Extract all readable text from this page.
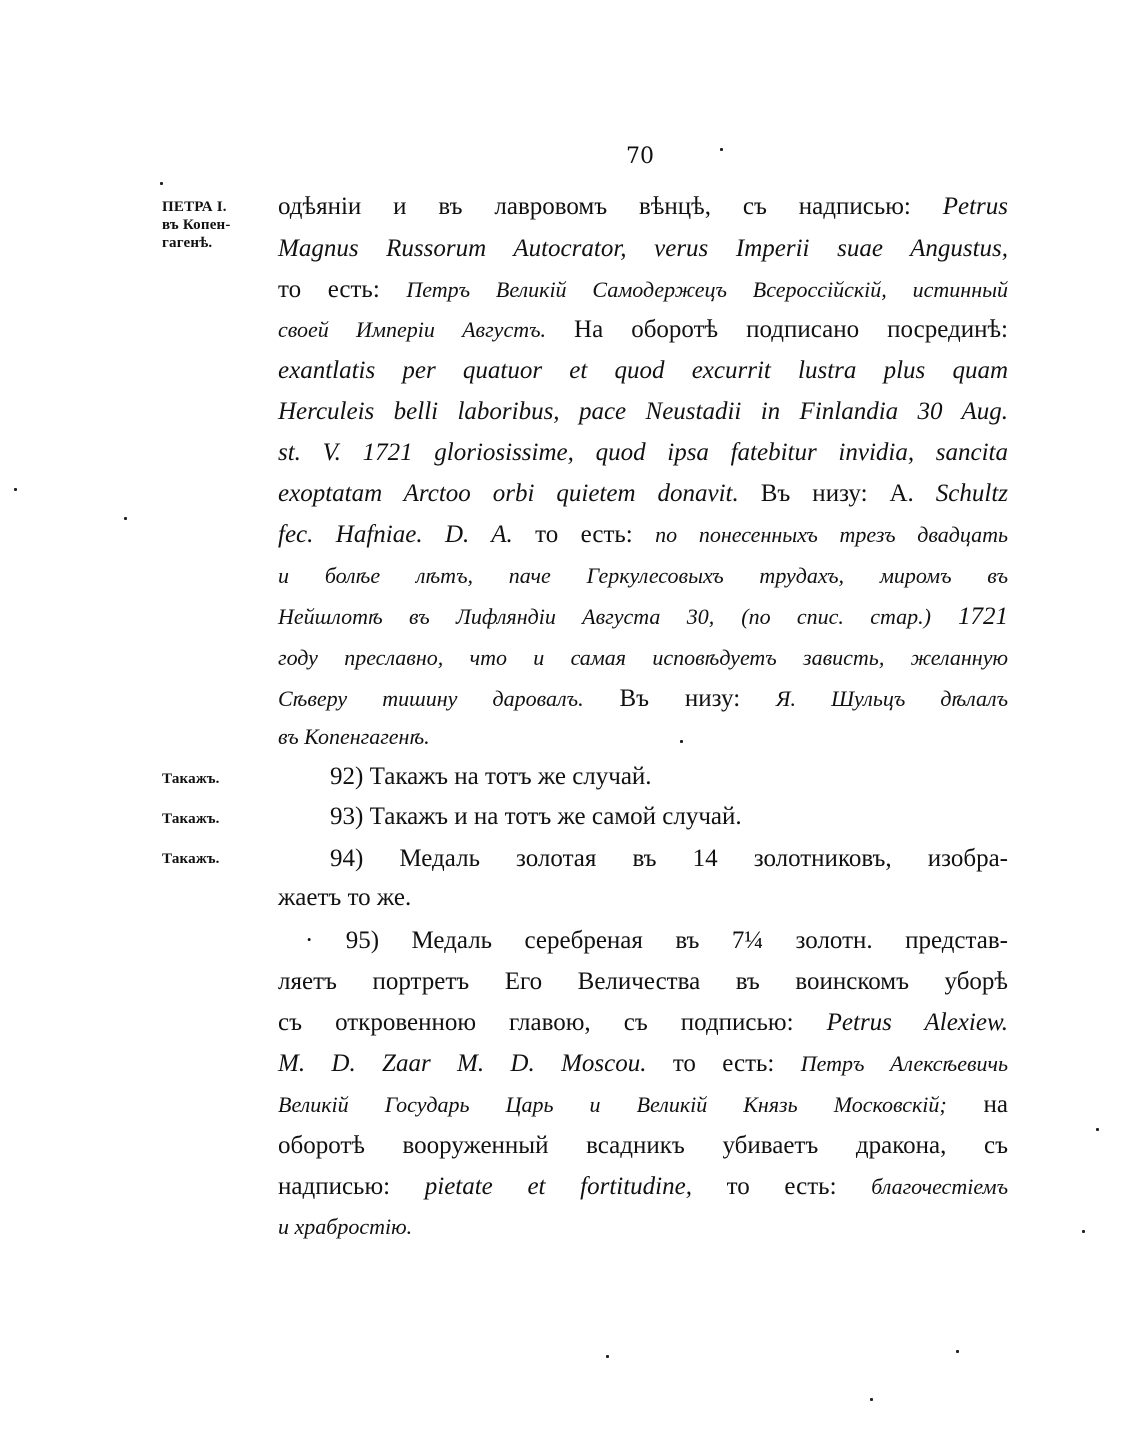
70
ПЕТРА I.
въ Копен-
гагенѣ.
Такажъ.
Такажъ.
Такажъ.
одѣяніи и въ лавровомъ вѣнцѣ, съ надписью: Petrus
Magnus Russorum Autocrator, verus Imperii suae Angustus,
то есть: Петръ Великій Самодержецъ Всероссійскій, истинный
своей Имперіи Августъ. На оборотѣ подписано посрединѣ:
exantlatis per quatuor et quod excurrit lustra plus quam
Herculeis belli laboribus, pace Neustadii in Finlandia 30 Aug.
st. V. 1721 gloriosissime, quod ipsa fatebitur invidia, sancita
exoptatam Arctoo orbi quietem donavit. Въ низу: A. Schultz
fec. Hafniae. D. A. то есть: по понесенныхъ трезъ двадцать
и болѣе лѣтъ, паче Геркулесовыхъ трудахъ, миромъ въ
Нейшлотѣ въ Лифляндіи Августа 30, (по спис. стар.) 1721
году преславно, что и самая исповѣдуетъ зависть, желанную
Сѣверу тишину даровалъ. Въ низу: Я. Шульцъ дѣлалъ
въ Копенгагенѣ.
92) Такажъ на тотъ же случай.
93) Такажъ и на тотъ же самой случай.
94) Медаль золотая въ 14 золотниковъ, изобра-
жаетъ то же.
· 95) Медаль серебреная въ 7¼ золотн. представ-
ляетъ портретъ Его Величества въ воинскомъ уборѣ
съ откровенною главою, съ подписью: Petrus Alexiew.
M. D. Zaar M. D. Moscou. то есть: Петръ Алексѣевичь
Великій Государь Царь и Великій Князь Московскій; на
оборотѣ вооруженный всадникъ убиваетъ дракона, съ
надписью: pietate et fortitudine, то есть: благочестіемъ
и храбростію.
